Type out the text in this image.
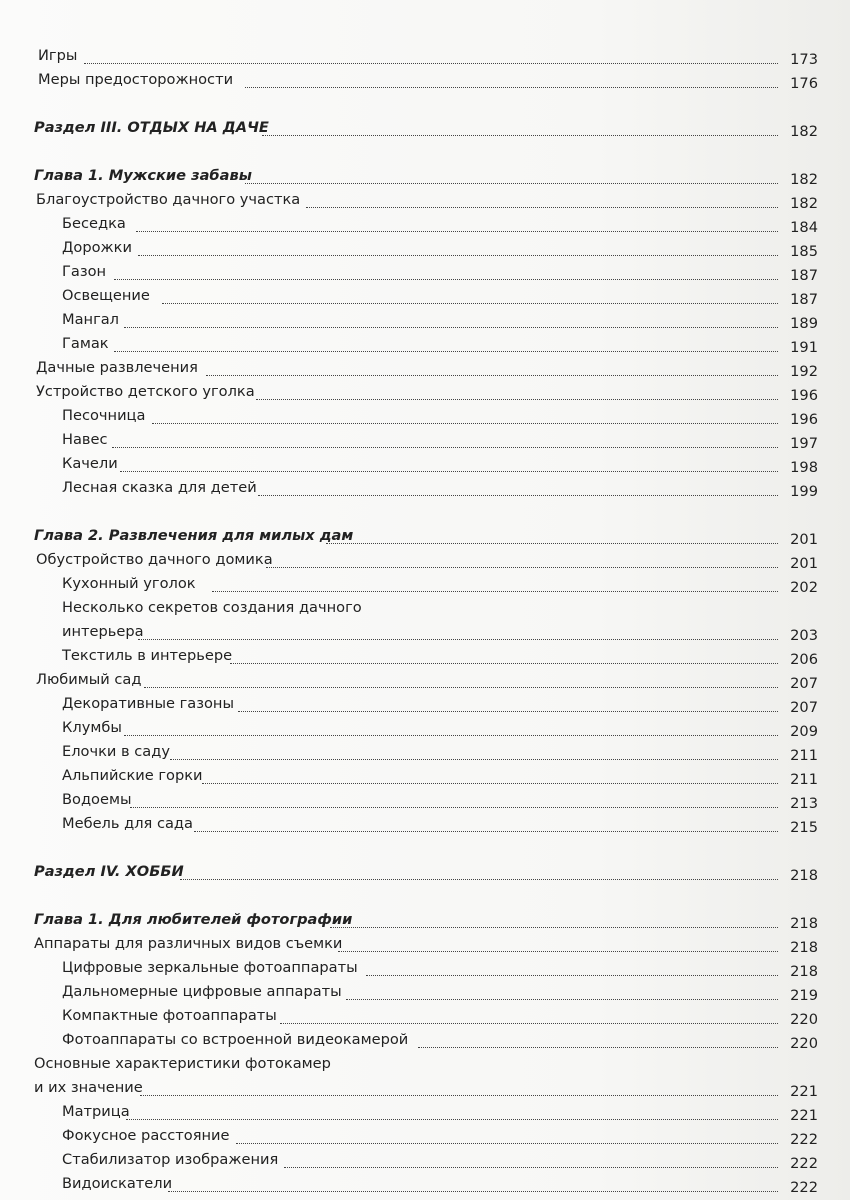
Игры	173
Меры предосторожности	176
Раздел III. ОТДЫХ НА ДАЧЕ	182
Глава 1. Мужские забавы	182
Благоустройство дачного участка	182
Беседка	184
Дорожки	185
Газон	187
Освещение	187
Мангал	189
Гамак	191
Дачные развлечения	192
Устройство детского уголка	196
Песочница	196
Навес	197
Качели	198
Лесная сказка для детей	199
Глава 2. Развлечения для милых дам	201
Обустройство дачного домика	201
Кухонный уголок	202
Несколько секретов создания дачного
интерьера	203
Текстиль в интерьере	206
Любимый сад	207
Декоративные газоны	207
Клумбы	209
Елочки в саду	211
Альпийские горки	211
Водоемы	213
Мебель для сада	215
Раздел IV. ХОББИ	218
Глава 1. Для любителей фотографии	218
Аппараты для различных видов съемки	218
Цифровые зеркальные фотоаппараты	218
Дальномерные цифровые аппараты	219
Компактные фотоаппараты	220
Фотоаппараты со встроенной видеокамерой	220
Основные характеристики фотокамер
и их значение	221
Матрица	221
Фокусное расстояние	222
Стабилизатор изображения	222
Видоискатели	222
